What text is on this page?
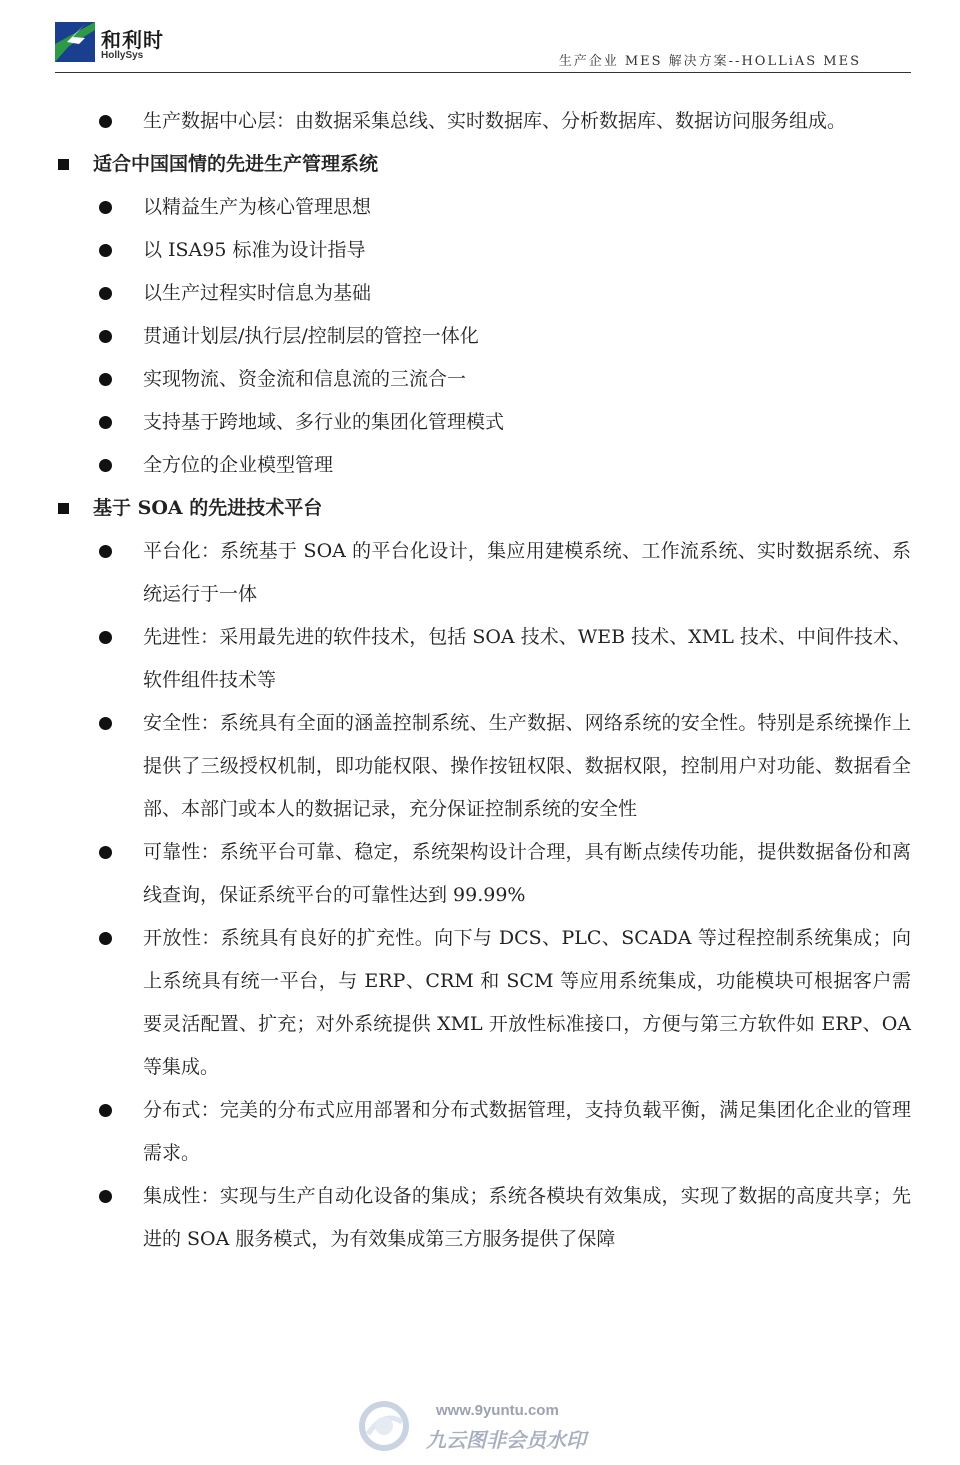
和利时
HollySys	生产企业 MES 解决方案--HOLLiAS MES
生产数据中心层：由数据采集总线、实时数据库、分析数据库、数据访问服务组成。
适合中国国情的先进生产管理系统
以精益生产为核心管理思想
以 ISA95 标准为设计指导
以生产过程实时信息为基础
贯通计划层/执行层/控制层的管控一体化
实现物流、资金流和信息流的三流合一
支持基于跨地域、多行业的集团化管理模式
全方位的企业模型管理
基于 SOA 的先进技术平台
平台化：系统基于 SOA 的平台化设计，集应用建模系统、工作流系统、实时数据系统、系统运行于一体
先进性：采用最先进的软件技术，包括 SOA 技术、WEB 技术、XML 技术、中间件技术、软件组件技术等
安全性：系统具有全面的涵盖控制系统、生产数据、网络系统的安全性。特别是系统操作上提供了三级授权机制，即功能权限、操作按钮权限、数据权限，控制用户对功能、数据看全部、本部门或本人的数据记录，充分保证控制系统的安全性
可靠性：系统平台可靠、稳定，系统架构设计合理，具有断点续传功能，提供数据备份和离线查询，保证系统平台的可靠性达到 99.99%
开放性：系统具有良好的扩充性。向下与 DCS、PLC、SCADA 等过程控制系统集成；向上系统具有统一平台，与 ERP、CRM 和 SCM 等应用系统集成，功能模块可根据客户需要灵活配置、扩充；对外系统提供 XML 开放性标准接口，方便与第三方软件如 ERP、OA 等集成。
分布式：完美的分布式应用部署和分布式数据管理，支持负载平衡，满足集团化企业的管理需求。
集成性：实现与生产自动化设备的集成；系统各模块有效集成，实现了数据的高度共享；先进的 SOA 服务模式，为有效集成第三方服务提供了保障
www.9yuntu.com
九云图非会员水印
